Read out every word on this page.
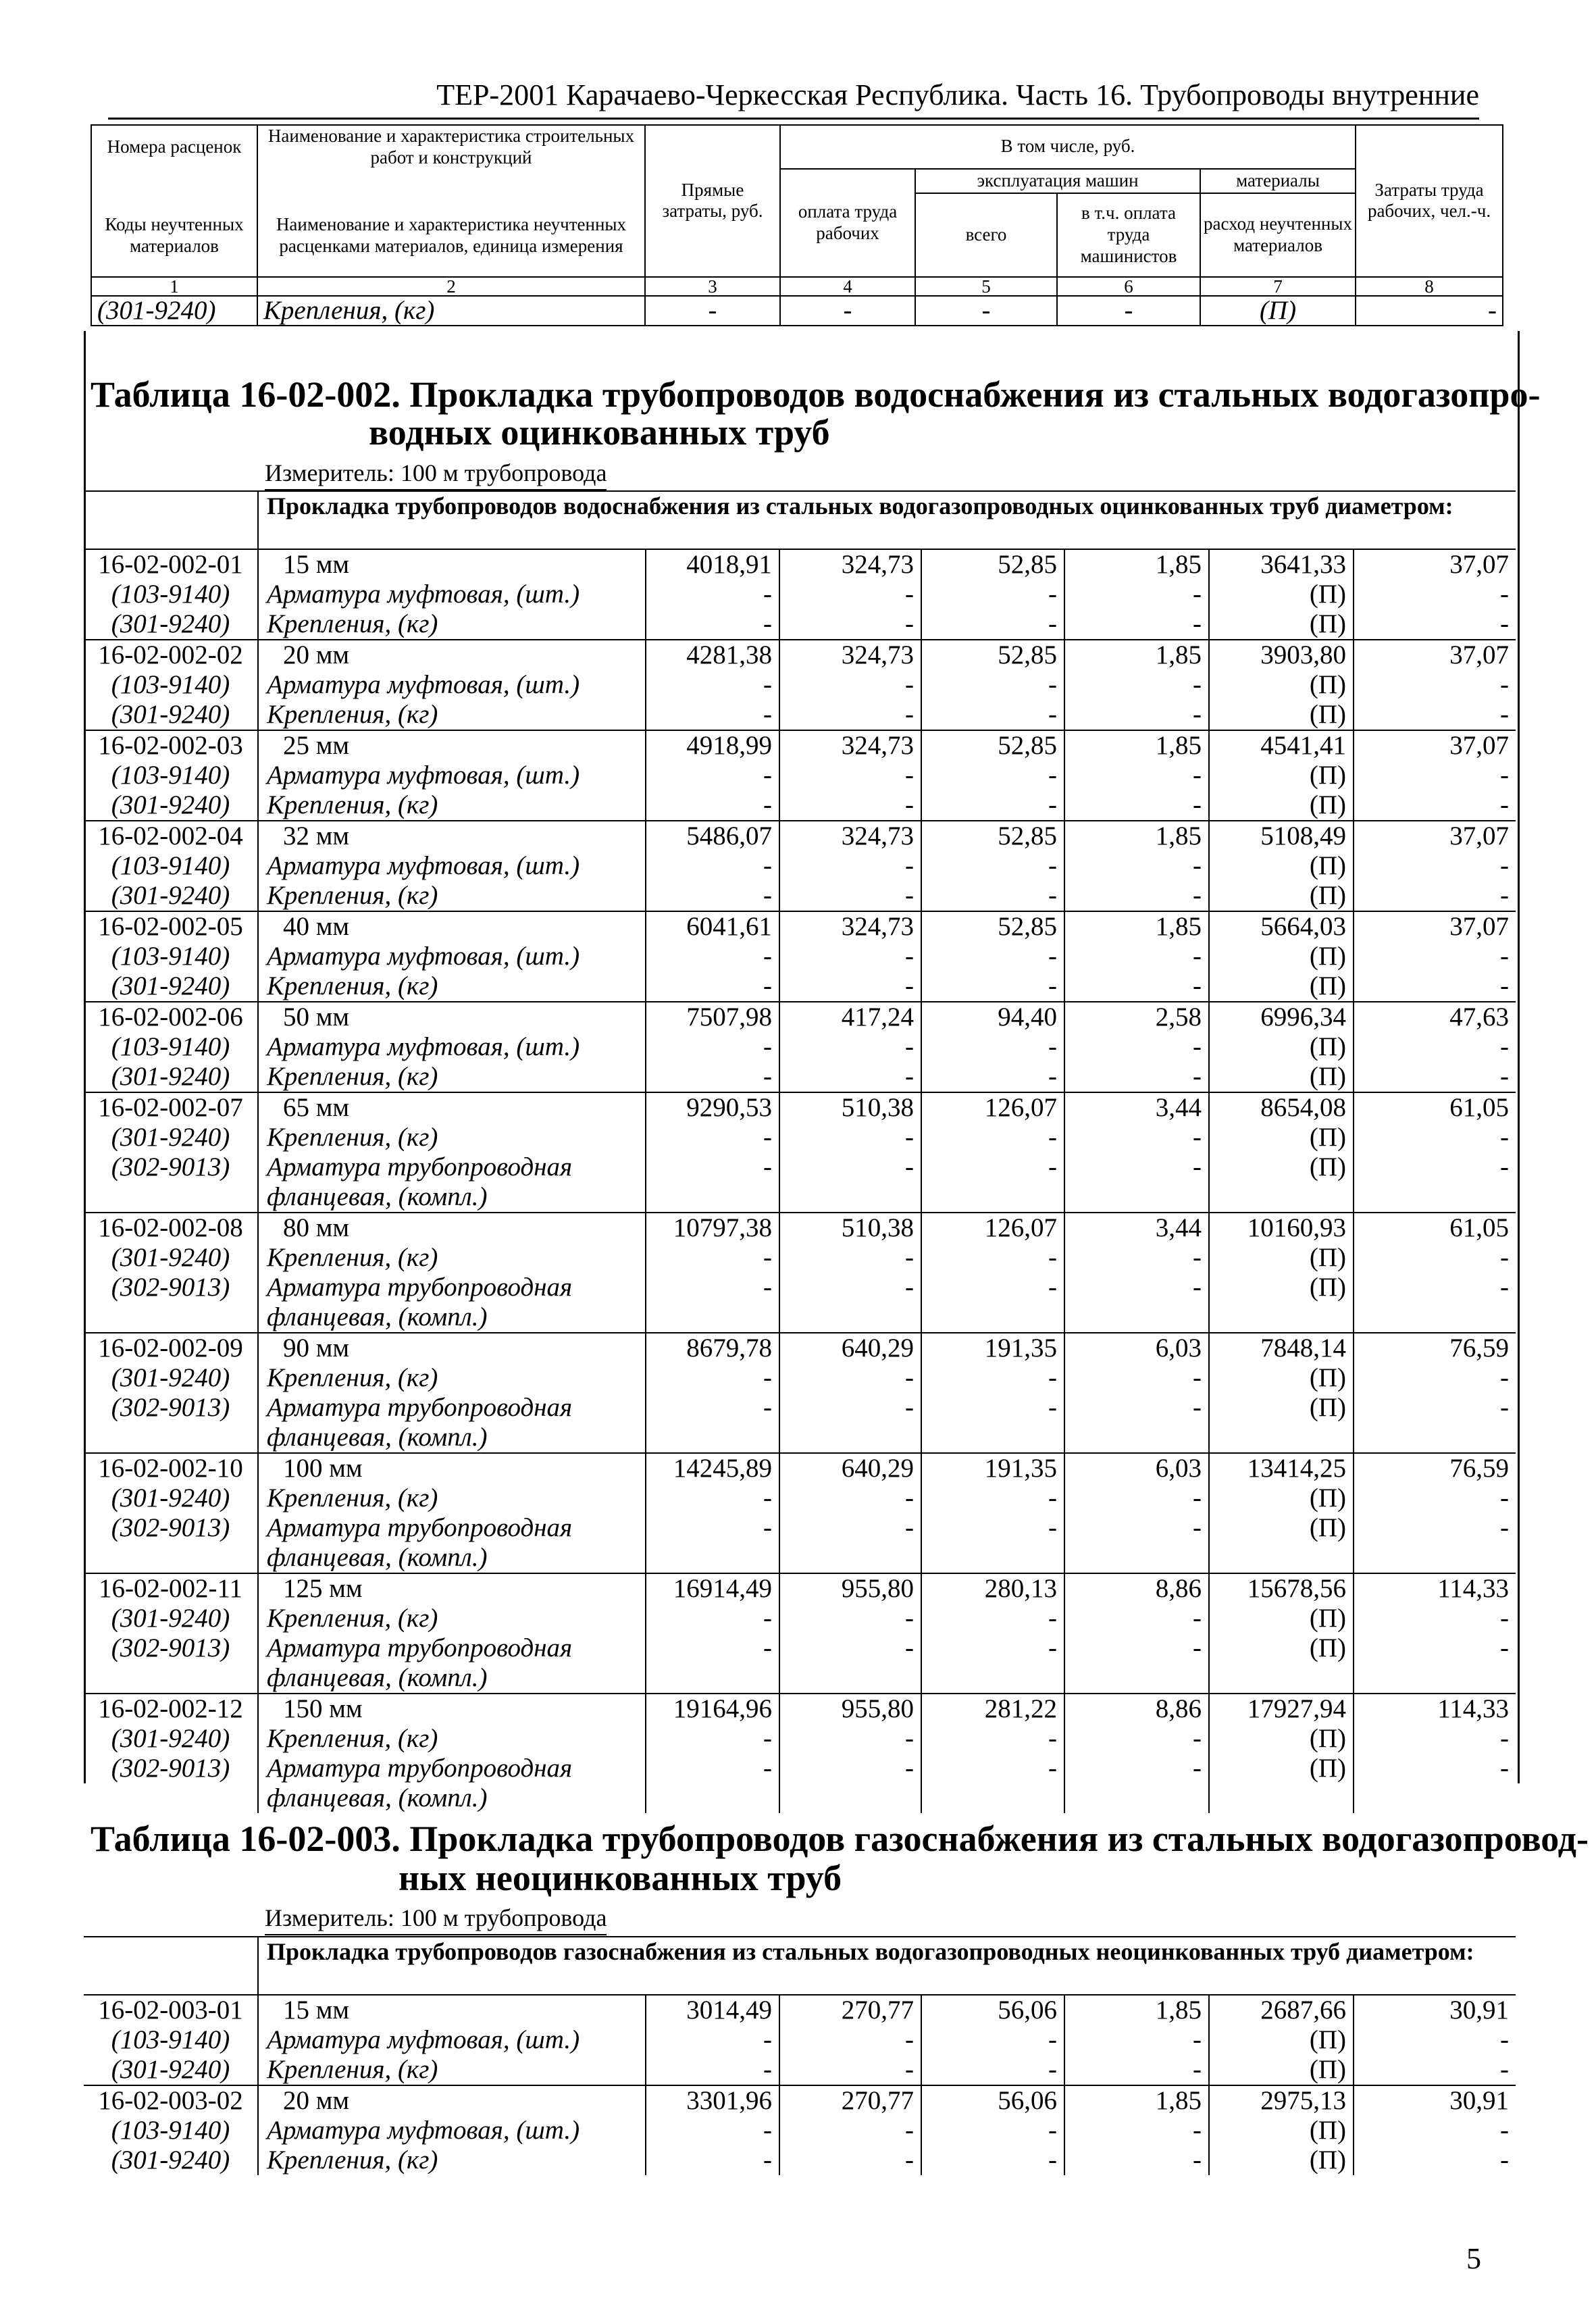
ТЕР-2001 Карачаево-Черкесская Республика. Часть 16. Трубопроводы внутренние
Номера расценок	Наименование и характеристика строительных работ и конструкций	Прямые затраты, руб.	В том числе, руб.				Затраты труда рабочих, чел.-ч.
Коды неучтенных материалов	Наименование и характеристика неучтенных расценками материалов, единица измерения		оплата труда рабочих	эксплуатация машин		материалы	
				всего	в т.ч. оплата труда машинистов	расход неучтенных материалов	
1	2	3	4	5	6	7	8
(301-9240)	Крепления, (кг)	-	-	-	-	(П)	-
Таблица 16-02-002. Прокладка трубопроводов водоснабжения из стальных водогазопро-
водных оцинкованных труб
Измеритель: 100 м трубопровода
	Прокладка трубопроводов водоснабжения из стальных водогазопроводных оцинкованных труб диаметром:						
16-02-002-01	15 мм	4018,91	324,73	52,85	1,85	3641,33	37,07
(103-9140)	Арматура муфтовая, (шт.)	-	-	-	-	(П)	-
(301-9240)	Крепления, (кг)	-	-	-	-	(П)	-
16-02-002-02	20 мм	4281,38	324,73	52,85	1,85	3903,80	37,07
(103-9140)	Арматура муфтовая, (шт.)	-	-	-	-	(П)	-
(301-9240)	Крепления, (кг)	-	-	-	-	(П)	-
16-02-002-03	25 мм	4918,99	324,73	52,85	1,85	4541,41	37,07
(103-9140)	Арматура муфтовая, (шт.)	-	-	-	-	(П)	-
(301-9240)	Крепления, (кг)	-	-	-	-	(П)	-
16-02-002-04	32 мм	5486,07	324,73	52,85	1,85	5108,49	37,07
(103-9140)	Арматура муфтовая, (шт.)	-	-	-	-	(П)	-
(301-9240)	Крепления, (кг)	-	-	-	-	(П)	-
16-02-002-05	40 мм	6041,61	324,73	52,85	1,85	5664,03	37,07
(103-9140)	Арматура муфтовая, (шт.)	-	-	-	-	(П)	-
(301-9240)	Крепления, (кг)	-	-	-	-	(П)	-
16-02-002-06	50 мм	7507,98	417,24	94,40	2,58	6996,34	47,63
(103-9140)	Арматура муфтовая, (шт.)	-	-	-	-	(П)	-
(301-9240)	Крепления, (кг)	-	-	-	-	(П)	-
16-02-002-07	65 мм	9290,53	510,38	126,07	3,44	8654,08	61,05
(301-9240)	Крепления, (кг)	-	-	-	-	(П)	-
(302-9013)	Арматура трубопроводная	-	-	-	-	(П)	-
	фланцевая, (компл.)						
16-02-002-08	80 мм	10797,38	510,38	126,07	3,44	10160,93	61,05
(301-9240)	Крепления, (кг)	-	-	-	-	(П)	-
(302-9013)	Арматура трубопроводная	-	-	-	-	(П)	-
	фланцевая, (компл.)						
16-02-002-09	90 мм	8679,78	640,29	191,35	6,03	7848,14	76,59
(301-9240)	Крепления, (кг)	-	-	-	-	(П)	-
(302-9013)	Арматура трубопроводная	-	-	-	-	(П)	-
	фланцевая, (компл.)						
16-02-002-10	100 мм	14245,89	640,29	191,35	6,03	13414,25	76,59
(301-9240)	Крепления, (кг)	-	-	-	-	(П)	-
(302-9013)	Арматура трубопроводная	-	-	-	-	(П)	-
	фланцевая, (компл.)						
16-02-002-11	125 мм	16914,49	955,80	280,13	8,86	15678,56	114,33
(301-9240)	Крепления, (кг)	-	-	-	-	(П)	-
(302-9013)	Арматура трубопроводная	-	-	-	-	(П)	-
	фланцевая, (компл.)						
16-02-002-12	150 мм	19164,96	955,80	281,22	8,86	17927,94	114,33
(301-9240)	Крепления, (кг)	-	-	-	-	(П)	-
(302-9013)	Арматура трубопроводная	-	-	-	-	(П)	-
	фланцевая, (компл.)						
Таблица 16-02-003. Прокладка трубопроводов газоснабжения из стальных водогазопровод-
ных неоцинкованных труб
Измеритель: 100 м трубопровода
	Прокладка трубопроводов газоснабжения из стальных водогазопроводных неоцинкованных труб диаметром:						
16-02-003-01	15 мм	3014,49	270,77	56,06	1,85	2687,66	30,91
(103-9140)	Арматура муфтовая, (шт.)	-	-	-	-	(П)	-
(301-9240)	Крепления, (кг)	-	-	-	-	(П)	-
16-02-003-02	20 мм	3301,96	270,77	56,06	1,85	2975,13	30,91
(103-9140)	Арматура муфтовая, (шт.)	-	-	-	-	(П)	-
(301-9240)	Крепления, (кг)	-	-	-	-	(П)	-
5
